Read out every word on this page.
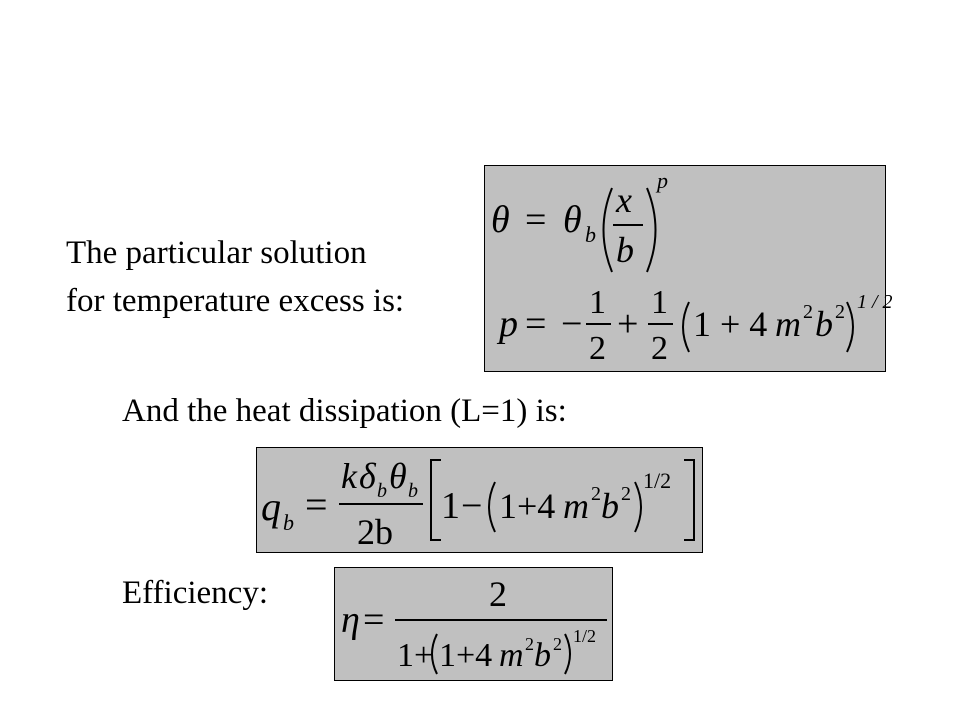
The particular solution
for temperature excess is:
θ = θ b
x
b
p
p = −
1
2
+
1
2
1 + 4 m 2 b 2 1 / 2
And the heat dissipation (L=1) is:
q b =
k δ b θ b
2b
1 − 1+4 m 2 b 2
1/2
Efficiency:
η =
2
1+ 1+4 m 2 b 2 1/2
